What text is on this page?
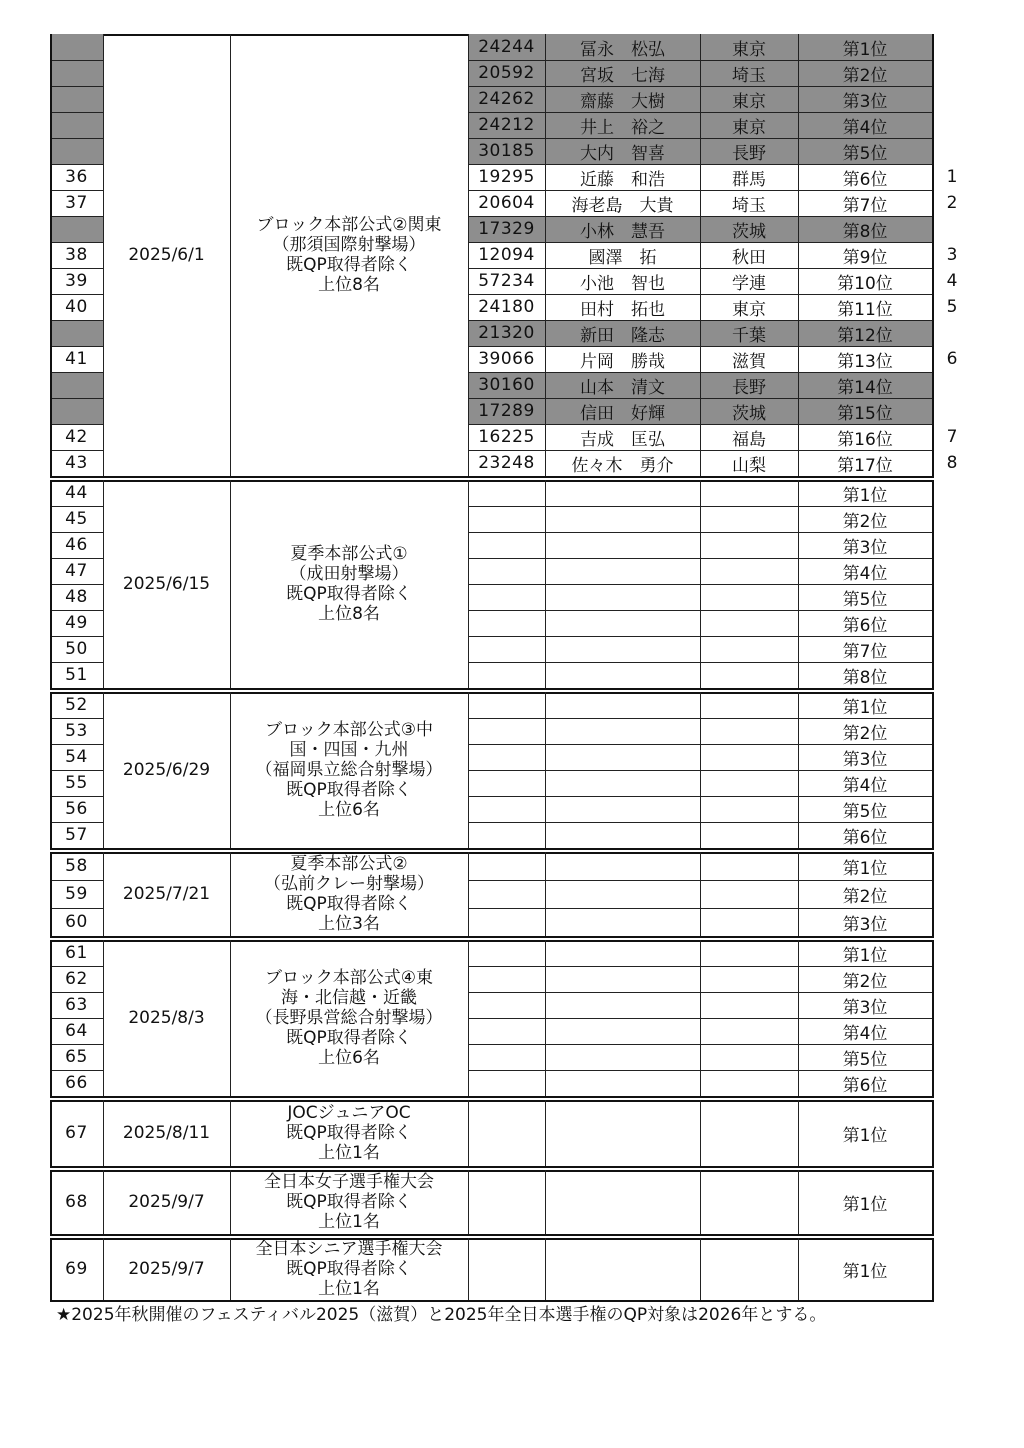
2025/6/1
ブロック本部公式②関東
（那須国際射撃場）
既QP取得者除く
上位8名
24244	冨永　松弘	東京	第1位
20592	宮坂　七海	埼玉	第2位
24262	齋藤　大樹	東京	第3位
24212	井上　裕之	東京	第4位
30185	大内　智喜	長野	第5位
36	19295	近藤　和浩	群馬	第6位	1
37	20604	海老島　大貴	埼玉	第7位	2
17329	小林　慧吾	茨城	第8位
38	12094	國澤　拓	秋田	第9位	3
39	57234	小池　智也	学連	第10位	4
40	24180	田村　拓也	東京	第11位	5
21320	新田　隆志	千葉	第12位
41	39066	片岡　勝哉	滋賀	第13位	6
30160	山本　清文	長野	第14位
17289	信田　好輝	茨城	第15位
42	16225	吉成　匡弘	福島	第16位	7
43	23248	佐々木　勇介	山梨	第17位	8
2025/6/15
夏季本部公式①
（成田射撃場）
既QP取得者除く
上位8名
44	第1位
45	第2位
46	第3位
47	第4位
48	第5位
49	第6位
50	第7位
51	第8位
2025/6/29
ブロック本部公式③中
国・四国・九州
（福岡県立総合射撃場）
既QP取得者除く
上位6名
52	第1位
53	第2位
54	第3位
55	第4位
56	第5位
57	第6位
2025/7/21
夏季本部公式②
（弘前クレー射撃場）
既QP取得者除く
上位3名
58	第1位
59	第2位
60	第3位
2025/8/3
ブロック本部公式④東
海・北信越・近畿
（長野県営総合射撃場）
既QP取得者除く
上位6名
61	第1位
62	第2位
63	第3位
64	第4位
65	第5位
66	第6位
2025/8/11
JOCジュニアOC
既QP取得者除く
上位1名
67	第1位
2025/9/7
全日本女子選手権大会
既QP取得者除く
上位1名
68	第1位
2025/9/7
全日本シニア選手権大会
既QP取得者除く
上位1名
69	第1位
★2025年秋開催のフェスティバル2025（滋賀）と2025年全日本選手権のQP対象は2026年とする。
